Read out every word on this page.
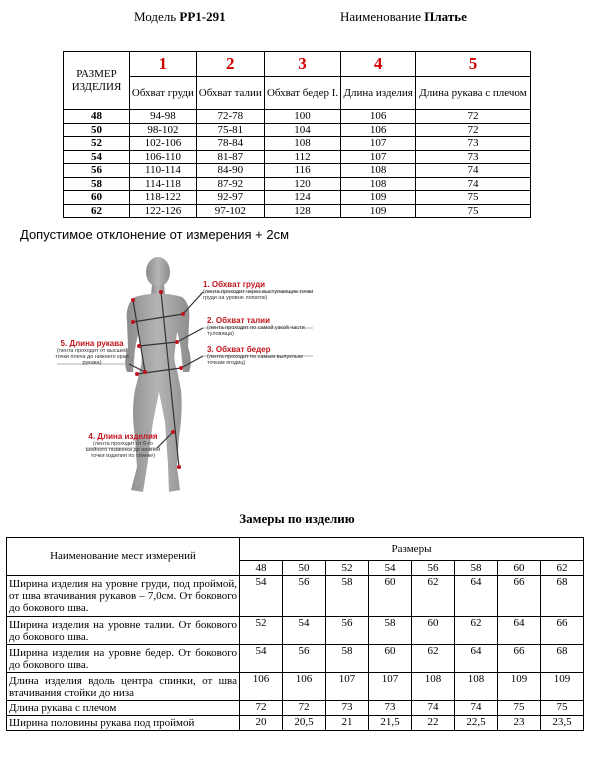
Модель РР1-291	Наименование Платье
РАЗМЕР ИЗДЕЛИЯ	1	2	3	4	5
	Обхват груди	Обхват талии	Обхват бедер I.	Длина изделия	Длина рукава с плечом
48	94-98	72-78	100	106	72
50	98-102	75-81	104	106	72
52	102-106	78-84	108	107	73
54	106-110	81-87	112	107	73
56	110-114	84-90	116	108	74
58	114-118	87-92	120	108	74
60	118-122	92-97	124	109	75
62	122-126	97-102	128	109	75
Допустимое отклонение от измерения + 2см
1. Обхват груди
(лента проходит через выступающие точки груди на уровне лопаток)
2. Обхват талии
(лента проходит по самой узкой части туловища)
3. Обхват бедер
(лента проходит по самым выпуклым точкам ягодиц)
5. Длина рукава
(лента проходит от высшей точки плеча до нижнего края рукава)
4. Длина изделия
(лента проходит от 6-го шейного позвонка до нижней точки изделия по спинке)
Замеры по изделию
Наименование мест измерений	Размеры							
	48	50	52	54	56	58	60	62
Ширина изделия на уровне груди, под проймой, от шва втачивания рукавов – 7,0см. От бокового до бокового шва.	54	56	58	60	62	64	66	68
Ширина изделия на уровне талии. От бокового до бокового шва.	52	54	56	58	60	62	64	66
Ширина изделия на уровне бедер. От бокового до бокового шва.	54	56	58	60	62	64	66	68
Длина изделия вдоль центра спинки, от шва втачивания стойки до низа	106	106	107	107	108	108	109	109
Длина рукава с плечом	72	72	73	73	74	74	75	75
Ширина половины рукава под проймой	20	20,5	21	21,5	22	22,5	23	23,5
